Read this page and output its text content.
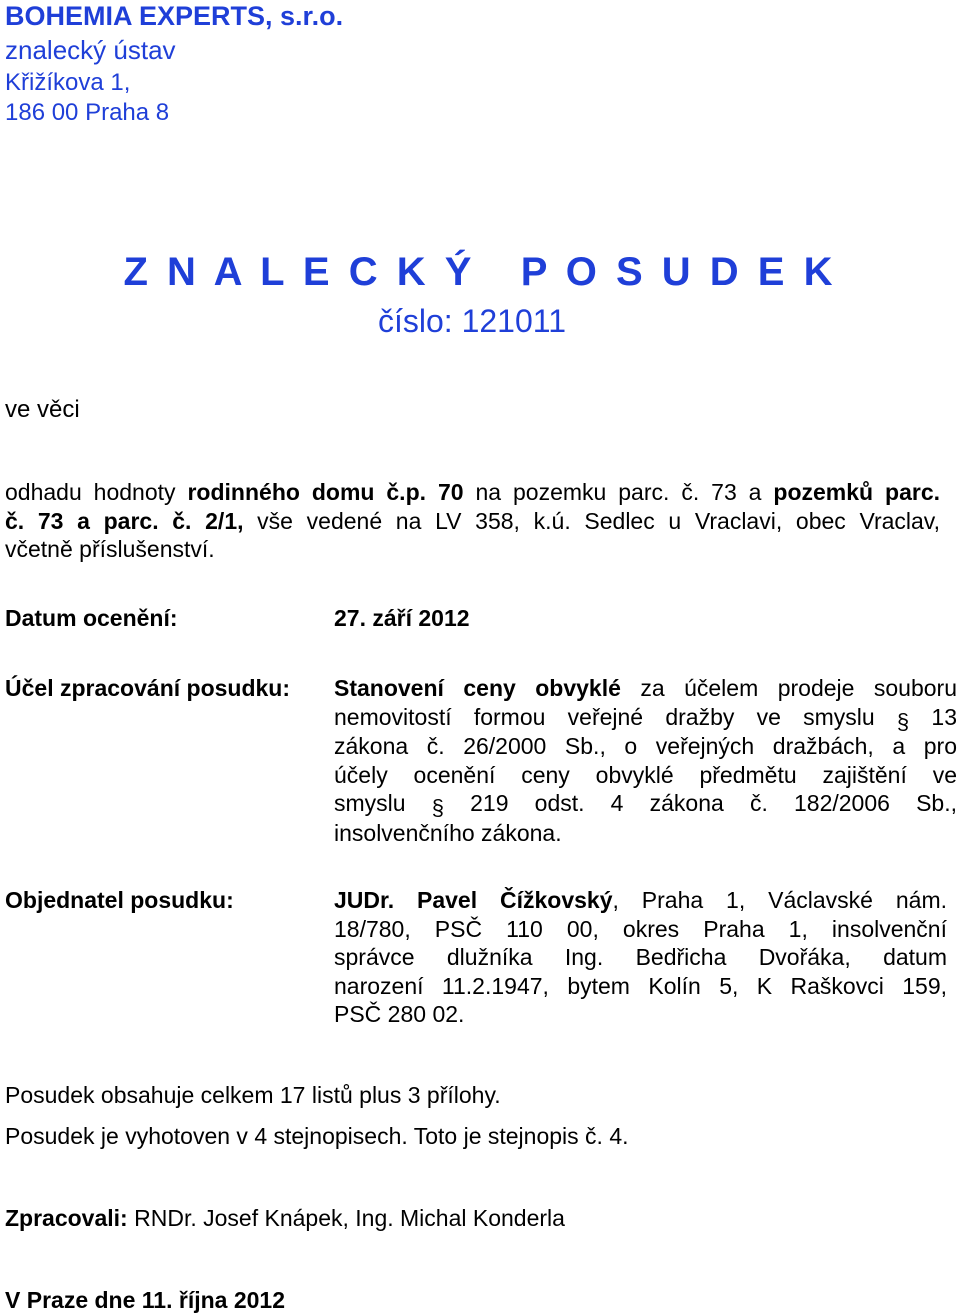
BOHEMIA EXPERTS, s.r.o.
znalecký ústav
Křižíkova 1,
186 00 Praha 8
Z N A L E C K Ý   P O S U D E K
číslo: 121011
ve věci
odhadu hodnoty rodinného domu č.p. 70 na pozemku parc. č. 73 a pozemků parc.
č. 73 a parc. č. 2/1, vše vedené na LV 358, k.ú. Sedlec u Vraclavi, obec Vraclav,
včetně příslušenství.
Datum ocenění:	27. září 2012
Účel zpracování posudku: Stanovení ceny obvyklé za účelem prodeje souboru
nemovitostí formou veřejné dražby ve smyslu § 13
zákona č. 26/2000 Sb., o veřejných dražbách, a pro
účely ocenění ceny obvyklé předmětu zajištění ve
smyslu § 219 odst. 4 zákona č. 182/2006 Sb.,
insolvenčního zákona.
Objednatel posudku:	JUDr. Pavel Čížkovský, Praha 1, Václavské nám.
18/780, PSČ 110 00, okres Praha 1, insolvenční
správce dlužníka Ing. Bedřicha Dvořáka, datum
narození 11.2.1947, bytem Kolín 5, K Raškovci 159,
PSČ 280 02.
Posudek obsahuje celkem 17 listů plus 3 přílohy.
Posudek je vyhotoven v 4 stejnopisech. Toto je stejnopis č. 4.
Zpracovali: RNDr. Josef Knápek, Ing. Michal Konderla
V Praze dne 11. října 2012
